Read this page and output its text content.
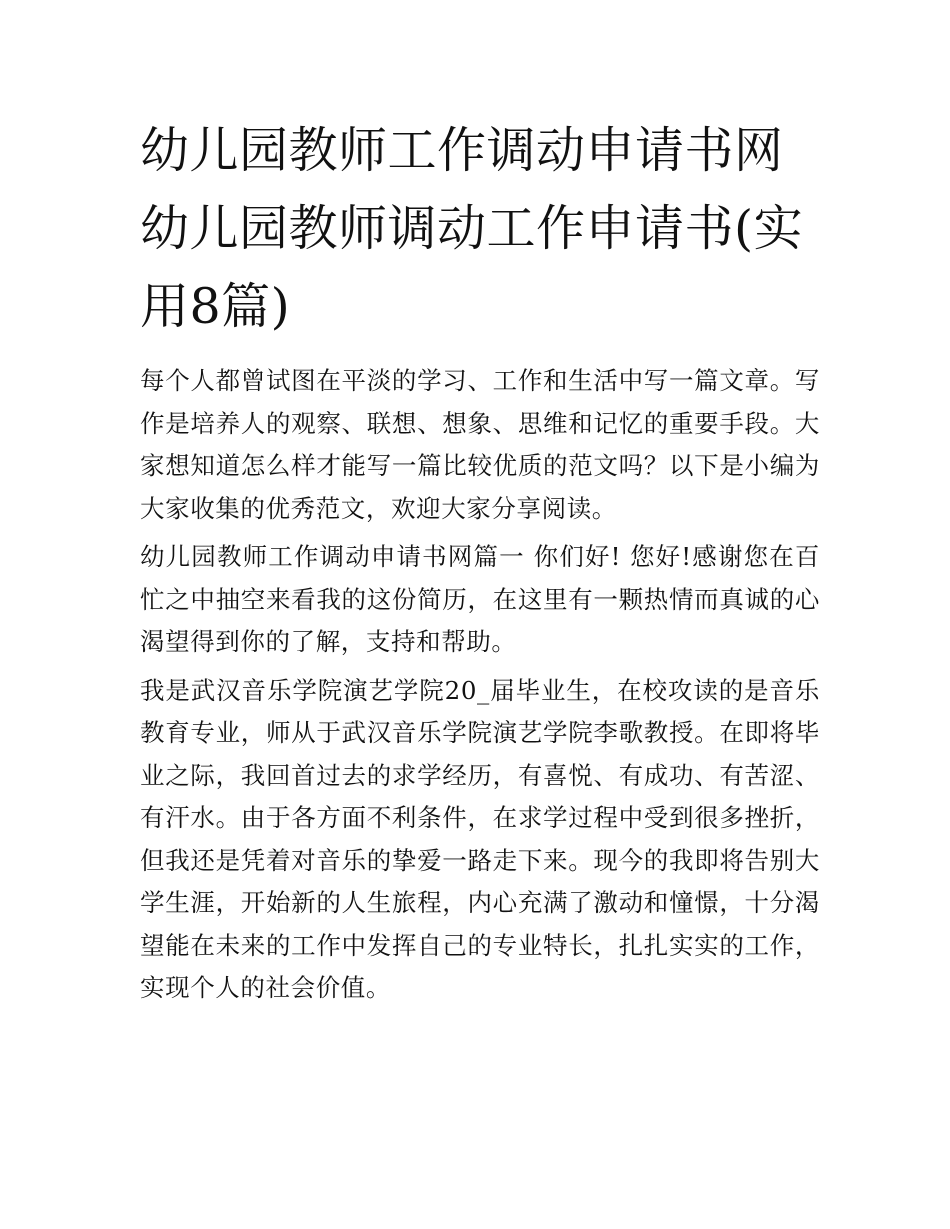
幼儿园教师工作调动申请书网幼儿园教师调动工作申请书(实用8篇)

每个人都曾试图在平淡的学习、工作和生活中写一篇文章。写作是培养人的观察、联想、想象、思维和记忆的重要手段。大家想知道怎么样才能写一篇比较优质的范文吗？以下是小编为大家收集的优秀范文，欢迎大家分享阅读。

幼儿园教师工作调动申请书网篇一 你们好! 您好!感谢您在百忙之中抽空来看我的这份简历，在这里有一颗热情而真诚的心渴望得到你的了解，支持和帮助。

我是武汉音乐学院演艺学院20_届毕业生，在校攻读的是音乐教育专业，师从于武汉音乐学院演艺学院李歌教授。在即将毕业之际，我回首过去的求学经历，有喜悦、有成功、有苦涩、有汗水。由于各方面不利条件，在求学过程中受到很多挫折，但我还是凭着对音乐的挚爱一路走下来。现今的我即将告别大学生涯，开始新的人生旅程，内心充满了激动和憧憬，十分渴望能在未来的工作中发挥自己的专业特长，扎扎实实的工作，实现个人的社会价值。
